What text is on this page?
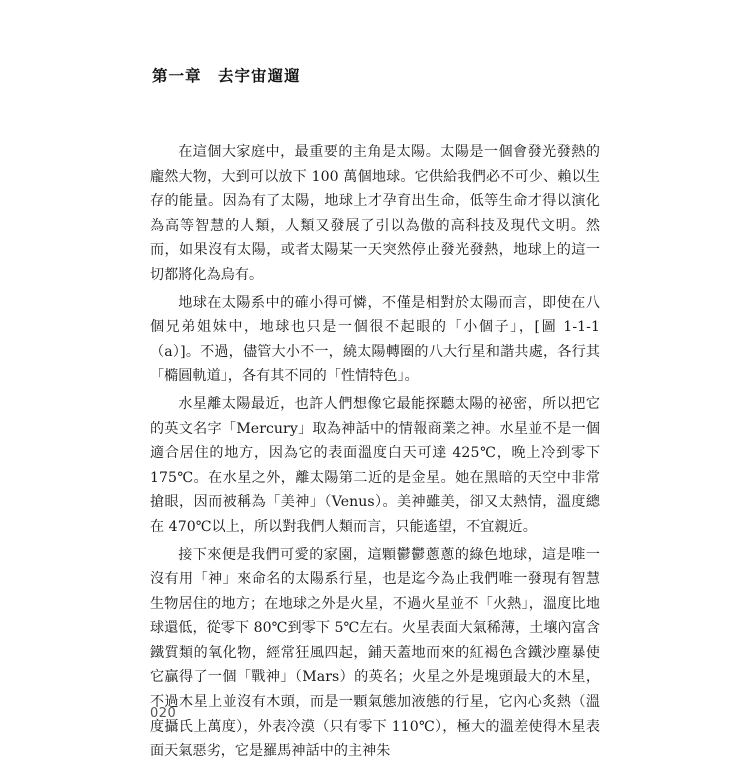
第一章　去宇宙遛遛

在這個大家庭中，最重要的主角是太陽。太陽是一個會發光發熱的龐然大物，大到可以放下 100 萬個地球。它供給我們必不可少、賴以生存的能量。因為有了太陽，地球上才孕育出生命，低等生命才得以演化為高等智慧的人類，人類又發展了引以為傲的高科技及現代文明。然而，如果沒有太陽，或者太陽某一天突然停止發光發熱，地球上的這一切都將化為烏有。

地球在太陽系中的確小得可憐，不僅是相對於太陽而言，即使在八個兄弟姐妹中，地球也只是一個很不起眼的「小個子」，[圖 1-1-1（a）]。不過，儘管大小不一，繞太陽轉圈的八大行星和諧共處，各行其「橢圓軌道」，各有其不同的「性情特色」。

水星離太陽最近，也許人們想像它最能探聽太陽的祕密，所以把它的英文名字「Mercury」取為神話中的情報商業之神。水星並不是一個適合居住的地方，因為它的表面溫度白天可達 425℃，晚上冷到零下 175℃。在水星之外，離太陽第二近的是金星。她在黑暗的天空中非常搶眼，因而被稱為「美神」（Venus）。美神雖美，卻又太熱情，溫度總在 470℃以上，所以對我們人類而言，只能遙望，不宜親近。

接下來便是我們可愛的家園，這顆鬱鬱蔥蔥的綠色地球，這是唯一沒有用「神」來命名的太陽系行星，也是迄今為止我們唯一發現有智慧生物居住的地方；在地球之外是火星，不過火星並不「火熱」，溫度比地球還低，從零下 80℃到零下 5℃左右。火星表面大氣稀薄，土壤內富含鐵質類的氧化物，經常狂風四起，鋪天蓋地而來的紅褐色含鐵沙塵暴使它贏得了一個「戰神」（Mars）的英名；火星之外是塊頭最大的木星，不過木星上並沒有木頭，而是一顆氣態加液態的行星，它內心炙熱（溫度攝氏上萬度），外表冷漠（只有零下 110℃），極大的溫差使得木星表面天氣惡劣，它是羅馬神話中的主神朱

020
